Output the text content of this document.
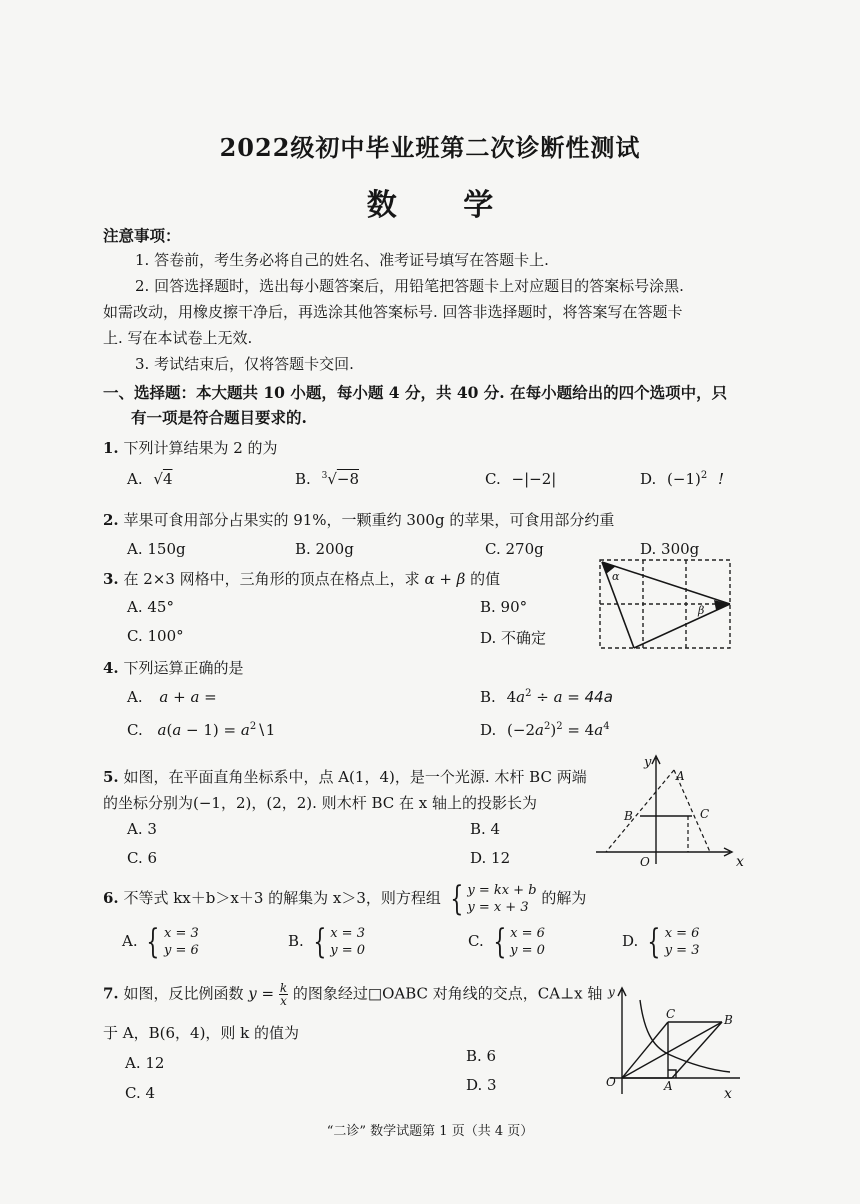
2022级初中毕业班第二次诊断性测试
数 学
注意事项：
1. 答卷前，考生务必将自己的姓名、准考证号填写在答题卡上.
2. 回答选择题时，选出每小题答案后，用铅笔把答题卡上对应题目的答案标号涂黑.
如需改动，用橡皮擦干净后，再选涂其他答案标号. 回答非选择题时，将答案写在答题卡
上. 写在本试卷上无效.
3. 考试结束后，仅将答题卡交回.
一、选择题：本大题共 10 小题，每小题 4 分，共 40 分. 在每小题给出的四个选项中，只
有一项是符合题目要求的.
1. 下列计算结果为 2 的为
A. √4	B. $^3$√−8	C. −|−2|	D. $(-1)^2$ !
2. 苹果可食用部分占果实的 91%，一颗重约 300g 的苹果，可食用部分约重
A. 150g	B. 200g	C. 270g	D. 300g
3. 在 2×3 网格中，三角形的顶点在格点上，求 α + β 的值
A. 45°	B. 90°
C. 100°	D. 不确定
α
β
4. 下列运算正确的是
A. a + a =	B. $4a^2 \div a = 44a$
C. $a(a - 1) = a^2∖1$	D. $(-2a^2)^2 = 4a^4$
5. 如图，在平面直角坐标系中，点 A(1，4)，是一个光源. 木杆 BC 两端
的坐标分别为(−1，2)，(2，2). 则木杆 BC 在 x 轴上的投影长为
A. 3	B. 4
C. 6	D. 12
y
A
B	C
O	x
6. 不等式 kx＋b＞x＋3 的解集为 x＞3，则方程组 { y = kx + b
y = x + 3 的解为
A. { x = 3
y = 6
B. { x = 3
y = 0
C. { x = 6
y = 0
D. { x = 6
y = 3
7. 如图，反比例函数 $y = \frac{k}{x}$ 的图象经过□OABC 对角线的交点，CA⊥x 轴
于 A，B(6，4)，则 k 的值为
A. 12	B. 6
C. 4	D. 3
y
C	B
O	A	x
“二诊” 数学试题第 1 页（共 4 页）
